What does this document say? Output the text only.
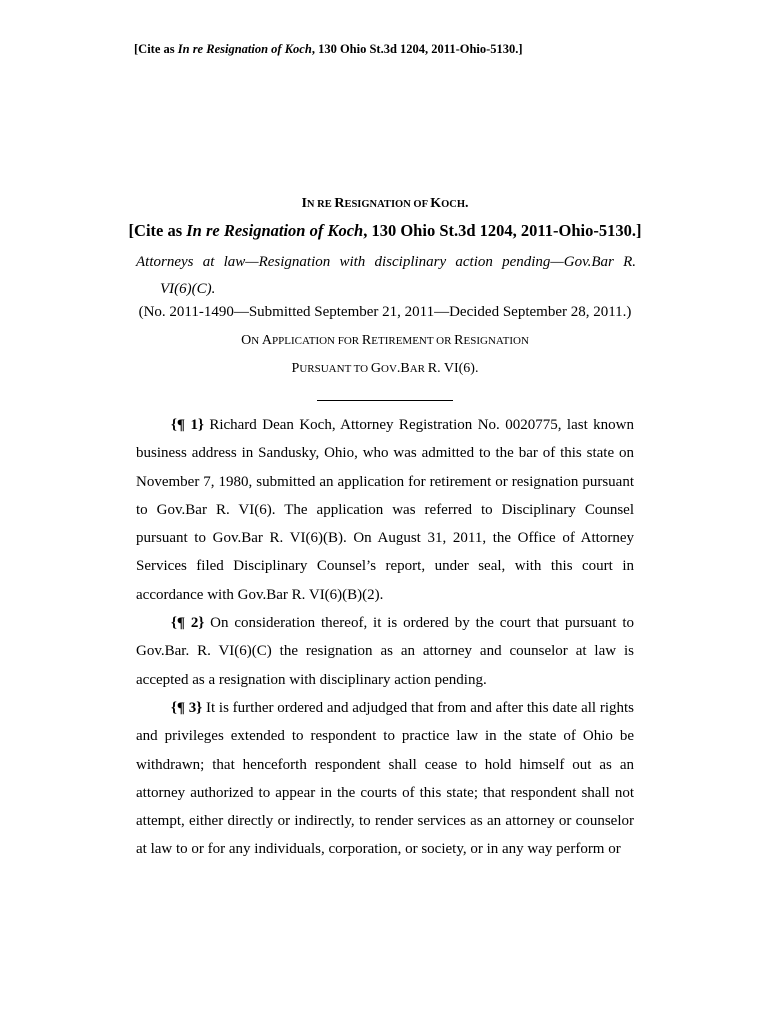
[Cite as In re Resignation of Koch, 130 Ohio St.3d 1204, 2011-Ohio-5130.]
IN RE RESIGNATION OF KOCH.
[Cite as In re Resignation of Koch, 130 Ohio St.3d 1204, 2011-Ohio-5130.]
Attorneys at law—Resignation with disciplinary action pending—Gov.Bar R.
VI(6)(C).
(No. 2011-1490—Submitted September 21, 2011—Decided September 28, 2011.)
ON APPLICATION FOR RETIREMENT OR RESIGNATION
PURSUANT TO GOV.BAR R. VI(6).

{¶ 1} Richard Dean Koch, Attorney Registration No. 0020775, last known business address in Sandusky, Ohio, who was admitted to the bar of this state on November 7, 1980, submitted an application for retirement or resignation pursuant to Gov.Bar R. VI(6). The application was referred to Disciplinary Counsel pursuant to Gov.Bar R. VI(6)(B). On August 31, 2011, the Office of Attorney Services filed Disciplinary Counsel’s report, under seal, with this court in accordance with Gov.Bar R. VI(6)(B)(2).

{¶ 2} On consideration thereof, it is ordered by the court that pursuant to Gov.Bar. R. VI(6)(C) the resignation as an attorney and counselor at law is accepted as a resignation with disciplinary action pending.

{¶ 3} It is further ordered and adjudged that from and after this date all rights and privileges extended to respondent to practice law in the state of Ohio be withdrawn; that henceforth respondent shall cease to hold himself out as an attorney authorized to appear in the courts of this state; that respondent shall not attempt, either directly or indirectly, to render services as an attorney or counselor at law to or for any individuals, corporation, or society, or in any way perform or
